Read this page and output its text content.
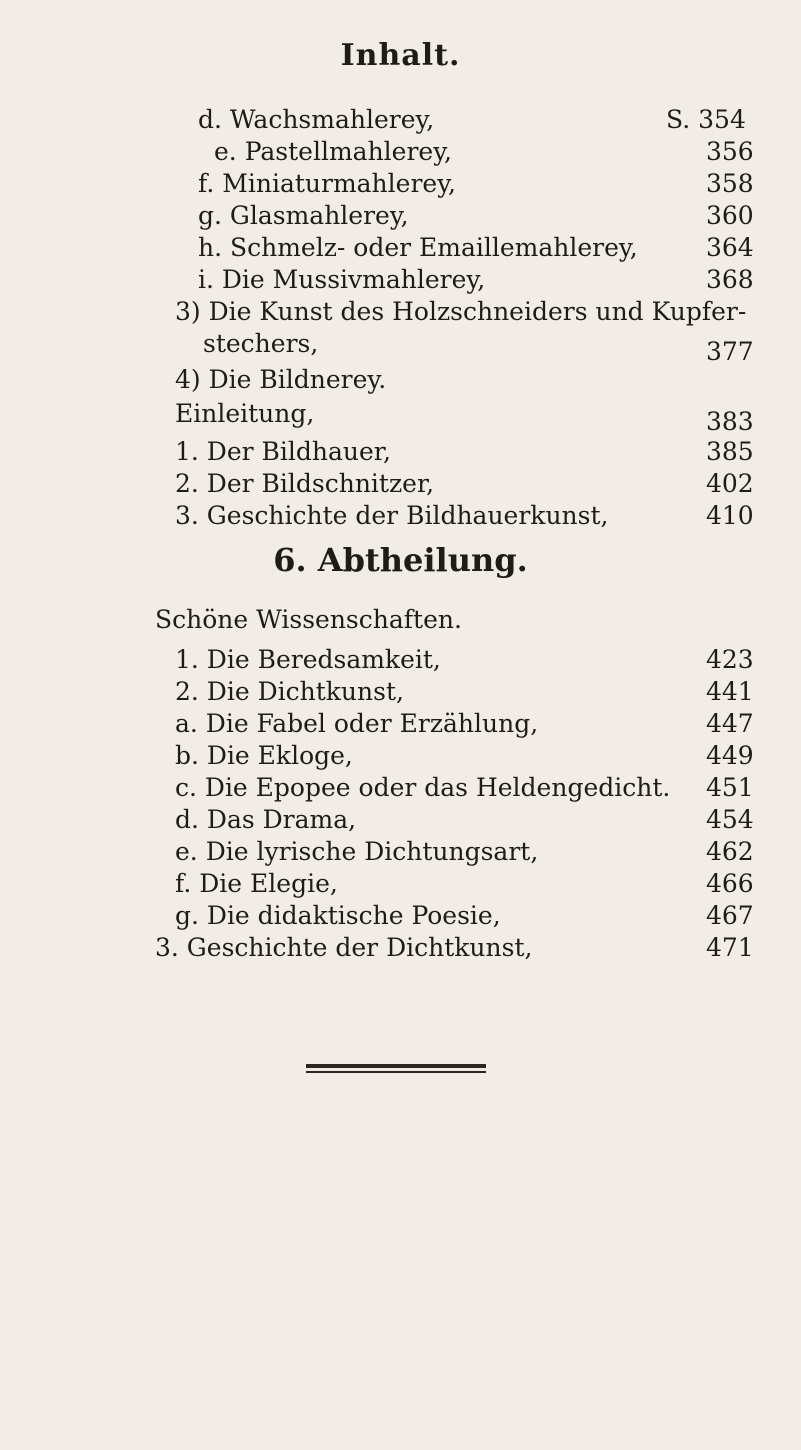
Inhalt.
d. Wachsmahlerey,	S. 354
e. Pastellmahlerey,	356
f. Miniaturmahlerey,	358
g. Glasmahlerey,	360
h. Schmelz- oder Emaillemahlerey,	364
i. Die Mussivmahlerey,	368
3) Die Kunst des Holzschneiders und Kupfer-
stechers,	377
4) Die Bildnerey.
Einleitung,	383
1. Der Bildhauer,	385
2. Der Bildschnitzer,	402
3. Geschichte der Bildhauerkunst,	410
6. Abtheilung.
Schöne Wissenschaften.
1. Die Beredsamkeit,	423
2. Die Dichtkunst,	441
a. Die Fabel oder Erzählung,	447
b. Die Ekloge,	449
c. Die Epopee oder das Heldengedicht. 451
d. Das Drama,	454
e. Die lyrische Dichtungsart,	462
f. Die Elegie,	466
g. Die didaktische Poesie,	467
3. Geschichte der Dichtkunst,	471
